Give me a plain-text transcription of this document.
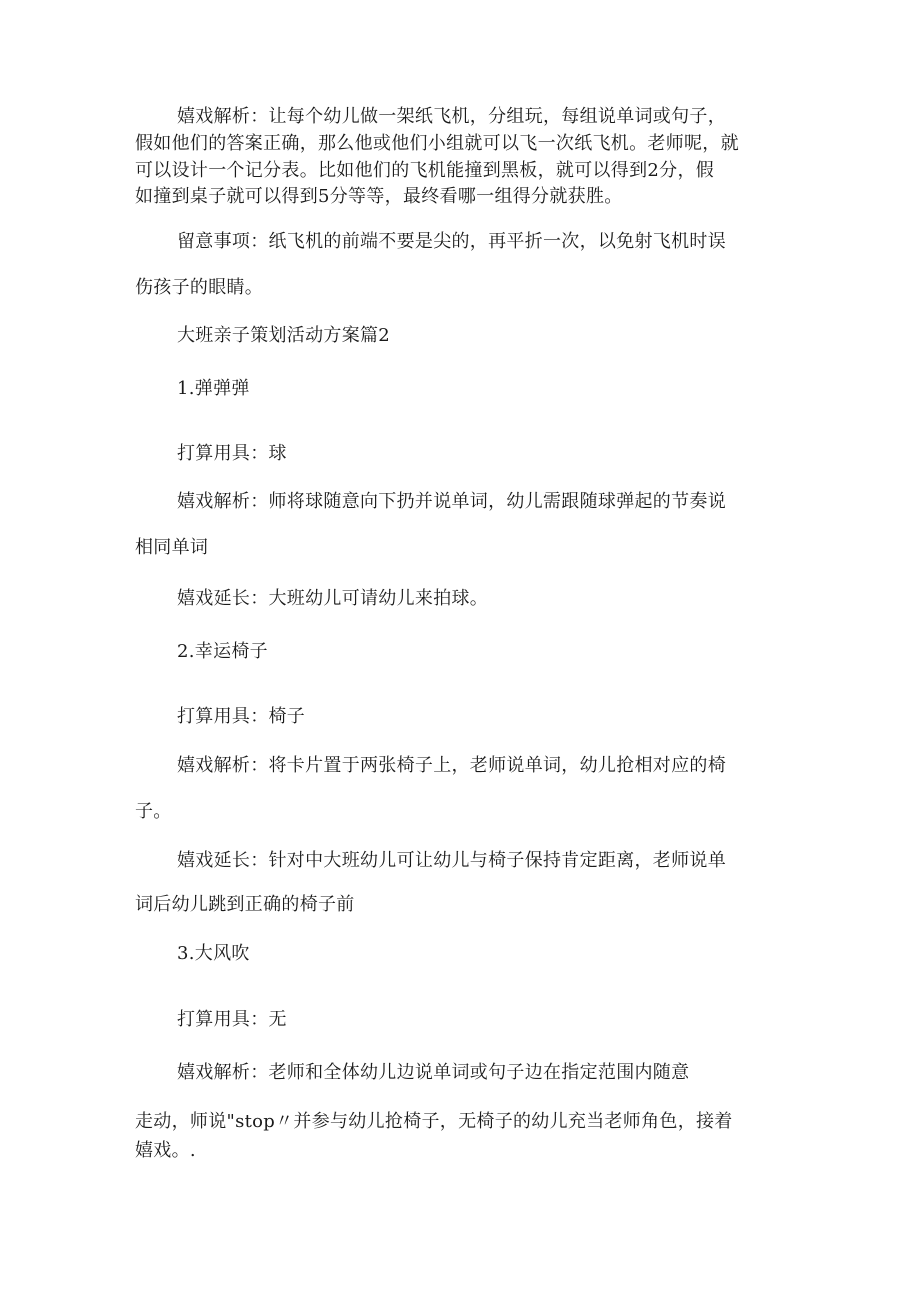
嬉戏解析：让每个幼儿做一架纸飞机，分组玩，每组说单词或句子，
假如他们的答案正确，那么他或他们小组就可以飞一次纸飞机。老师呢，就
可以设计一个记分表。比如他们的飞机能撞到黑板，就可以得到2分，假
如撞到桌子就可以得到5分等等，最终看哪一组得分就获胜。
留意事项：纸飞机的前端不要是尖的，再平折一次，以免射飞机时误
伤孩子的眼睛。
大班亲子策划活动方案篇2
1.弹弹弹
打算用具：球
嬉戏解析：师将球随意向下扔并说单词，幼儿需跟随球弹起的节奏说
相同单词
嬉戏延长：大班幼儿可请幼儿来拍球。
2.幸运椅子
打算用具：椅子
嬉戏解析：将卡片置于两张椅子上，老师说单词，幼儿抢相对应的椅
子。
嬉戏延长：针对中大班幼儿可让幼儿与椅子保持肯定距离，老师说单
词后幼儿跳到正确的椅子前
3.大风吹
打算用具：无
嬉戏解析：老师和全体幼儿边说单词或句子边在指定范围内随意
走动，师说"stop〃并参与幼儿抢椅子，无椅子的幼儿充当老师角色，接着
嬉戏。.
